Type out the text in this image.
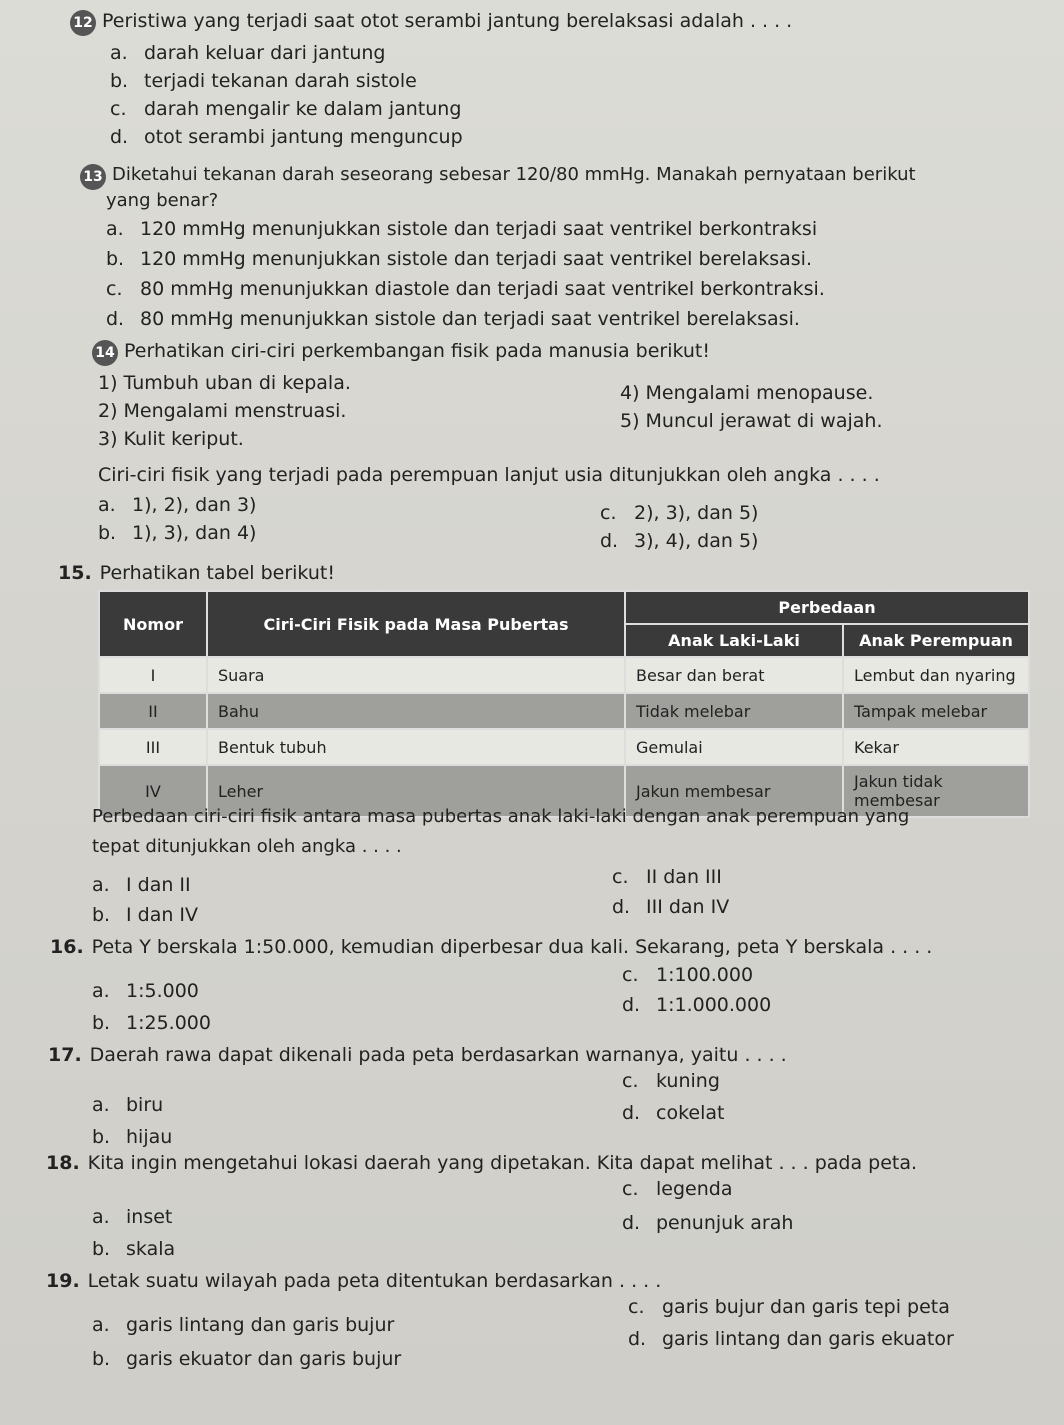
12 Peristiwa yang terjadi saat otot serambi jantung berelaksasi adalah . . . .
a. darah keluar dari jantung
b. terjadi tekanan darah sistole
c. darah mengalir ke dalam jantung
d. otot serambi jantung menguncup
13 Diketahui tekanan darah seseorang sebesar 120/80 mmHg. Manakah pernyataan berikut
yang benar?
a. 120 mmHg menunjukkan sistole dan terjadi saat ventrikel berkontraksi
b. 120 mmHg menunjukkan sistole dan terjadi saat ventrikel berelaksasi.
c. 80 mmHg menunjukkan diastole dan terjadi saat ventrikel berkontraksi.
d. 80 mmHg menunjukkan sistole dan terjadi saat ventrikel berelaksasi.
14 Perhatikan ciri-ciri perkembangan fisik pada manusia berikut!
1) Tumbuh uban di kepala.
2) Mengalami menstruasi.
3) Kulit keriput.
4) Mengalami menopause.
5) Muncul jerawat di wajah.
Ciri-ciri fisik yang terjadi pada perempuan lanjut usia ditunjukkan oleh angka . . . .
a. 1), 2), dan 3)
b. 1), 3), dan 4)
c. 2), 3), dan 5)
d. 3), 4), dan 5)
15. Perhatikan tabel berikut!
Nomor	Ciri-Ciri Fisik pada Masa Pubertas	Perbedaan	
		Anak Laki-Laki	Anak Perempuan
I	Suara	Besar dan berat	Lembut dan nyaring
II	Bahu	Tidak melebar	Tampak melebar
III	Bentuk tubuh	Gemulai	Kekar
IV	Leher	Jakun membesar	Jakun tidak membesar
Perbedaan ciri-ciri fisik antara masa pubertas anak laki-laki dengan anak perempuan yang
tepat ditunjukkan oleh angka . . . .
a. I dan II
b. I dan IV
c. II dan III
d. III dan IV
16. Peta Y berskala 1:50.000, kemudian diperbesar dua kali. Sekarang, peta Y berskala . . . .
a. 1:5.000
b. 1:25.000
c. 1:100.000
d. 1:1.000.000
17. Daerah rawa dapat dikenali pada peta berdasarkan warnanya, yaitu . . . .
a. biru
b. hijau
c. kuning
d. cokelat
18. Kita ingin mengetahui lokasi daerah yang dipetakan. Kita dapat melihat . . . pada peta.
a. inset
b. skala
c. legenda
d. penunjuk arah
19. Letak suatu wilayah pada peta ditentukan berdasarkan . . . .
a. garis lintang dan garis bujur
b. garis ekuator dan garis bujur
c. garis bujur dan garis tepi peta
d. garis lintang dan garis ekuator
